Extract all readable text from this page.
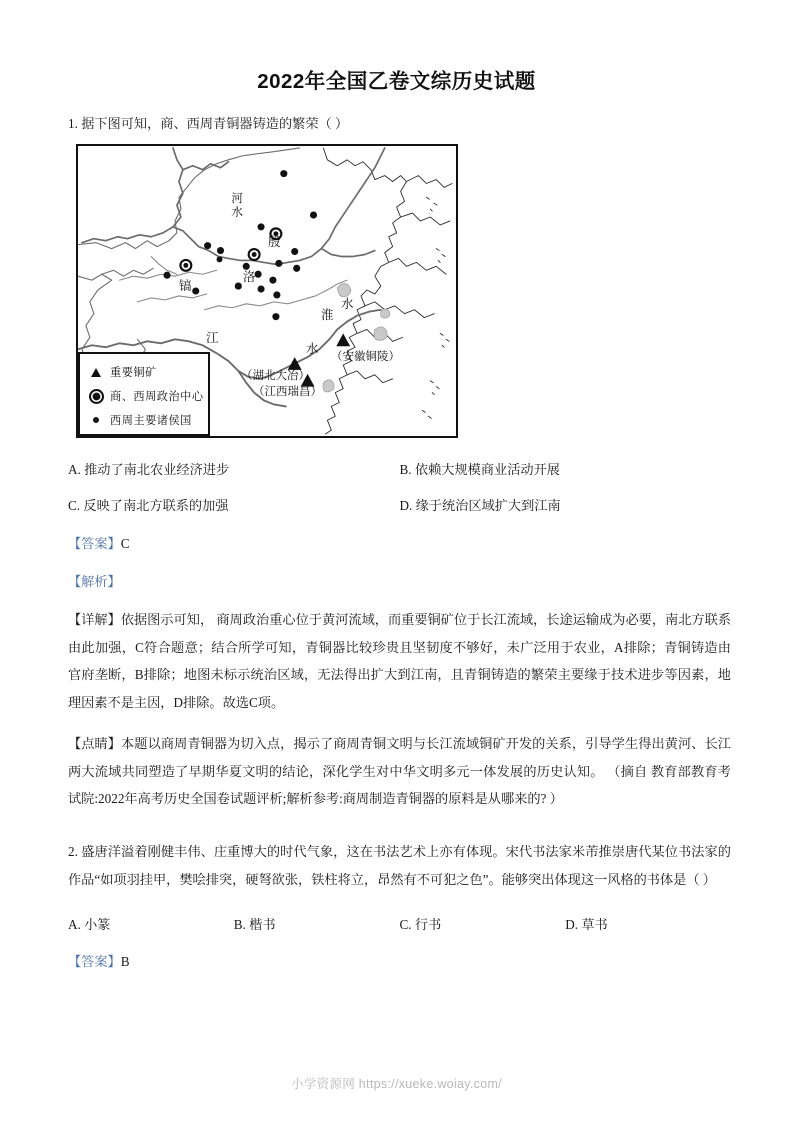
2022年全国乙卷文综历史试题
1. 据下图可知，商、西周青铜器铸造的繁荣（ ）
河水
殷
洛
镐
江
水
淮
水
（湖北大冶）
（江西瑞昌）
（安徽铜陵）
重要铜矿
商、西周政治中心
西周主要诸侯国
A. 推动了南北农业经济进步	B. 依赖大规模商业活动开展
C. 反映了南北方联系的加强	D. 缘于统治区域扩大到江南
【答案】C
【解析】
【详解】依据图示可知， 商周政治重心位于黄河流域，而重要铜矿位于长江流域，长途运输成为必要，南北方联系由此加强，C符合题意；结合所学可知，青铜器比较珍贵且坚韧度不够好，未广泛用于农业，A排除；青铜铸造由官府垄断，B排除；地图未标示统治区域，无法得出扩大到江南，且青铜铸造的繁荣主要缘于技术进步等因素，地理因素不是主因，D排除。故选C项。
【点睛】本题以商周青铜器为切入点，揭示了商周青铜文明与长江流域铜矿开发的关系，引导学生得出黄河、长江两大流域共同塑造了早期华夏文明的结论，深化学生对中华文明多元一体发展的历史认知。 （摘自 教育部教育考试院:2022年高考历史全国卷试题评析;解析参考:商周制造青铜器的原料是从哪来的? ）
2. 盛唐洋溢着刚健丰伟、庄重博大的时代气象，这在书法艺术上亦有体现。宋代书法家米芾推崇唐代某位书法家的作品“如项羽挂甲，樊哙排突，硬弩欲张，铁柱将立，昂然有不可犯之色”。能够突出体现这一风格的书体是（ ）
A. 小篆	B. 楷书	C. 行书	D. 草书
【答案】B
小学资源网 https://xueke.woiay.com/
